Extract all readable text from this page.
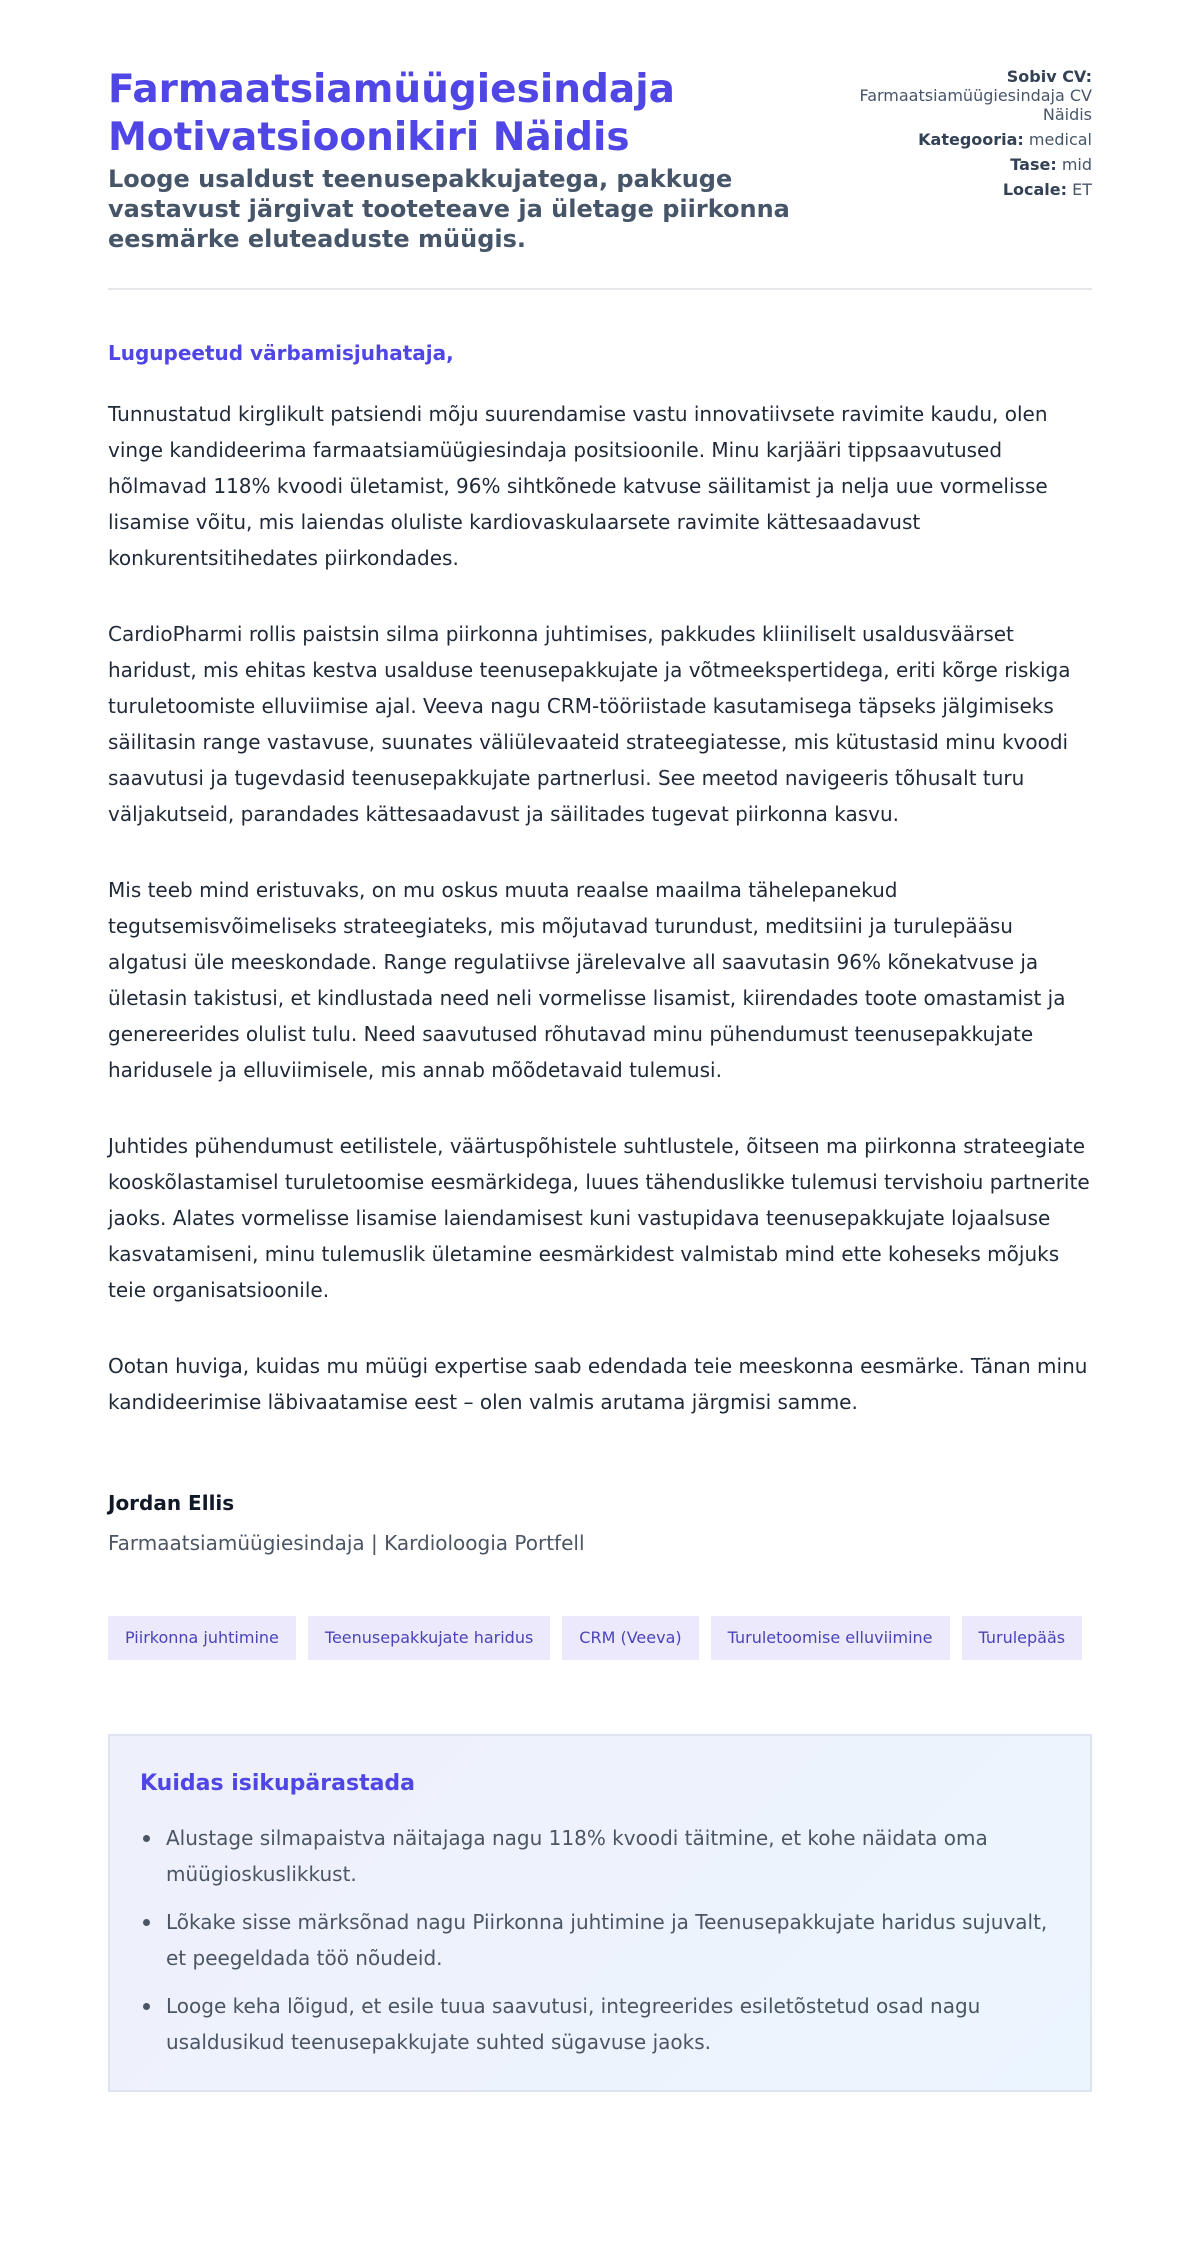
Farmaatsiamüügiesindaja
Motivatsioonikiri Näidis
Looge usaldust teenusepakkujatega, pakkuge vastavust järgivat tooteteave ja ületage piirkonna eesmärke eluteaduste müügis.
Sobiv CV:
Farmaatsiamüügiesindaja CV Näidis
Kategooria: medical
Tase: mid
Locale: ET
Lugupeetud värbamisjuhataja,

Tunnustatud kirglikult patsiendi mõju suurendamise vastu innovatiivsete ravimite kaudu, olen vinge kandideerima farmaatsiamüügiesindaja positsioonile. Minu karjääri tippsaavutused hõlmavad 118% kvoodi ületamist, 96% sihtkõnede katvuse säilitamist ja nelja uue vormelisse lisamise võitu, mis laiendas oluliste kardiovaskulaarsete ravimite kättesaadavust konkurentsitihedates piirkondades.

CardioPharmi rollis paistsin silma piirkonna juhtimises, pakkudes kliiniliselt usaldusväärset haridust, mis ehitas kestva usalduse teenusepakkujate ja võtmeekspertidega, eriti kõrge riskiga turuletoomiste elluviimise ajal. Veeva nagu CRM-tööriistade kasutamisega täpseks jälgimiseks säilitasin range vastavuse, suunates väliülevaateid strateegiatesse, mis kütustasid minu kvoodi saavutusi ja tugevdasid teenusepakkujate partnerlusi. See meetod navigeeris tõhusalt turu väljakutseid, parandades kättesaadavust ja säilitades tugevat piirkonna kasvu.

Mis teeb mind eristuvaks, on mu oskus muuta reaalse maailma tähelepanekud tegutsemisvõimeliseks strateegiateks, mis mõjutavad turundust, meditsiini ja turulepääsu algatusi üle meeskondade. Range regulatiivse järelevalve all saavutasin 96% kõnekatvuse ja ületasin takistusi, et kindlustada need neli vormelisse lisamist, kiirendades toote omastamist ja genereerides olulist tulu. Need saavutused rõhutavad minu pühendumust teenusepakkujate haridusele ja elluviimisele, mis annab mõõdetavaid tulemusi.

Juhtides pühendumust eetilistele, väärtuspõhistele suhtlustele, õitseen ma piirkonna strateegiate kooskõlastamisel turuletoomise eesmärkidega, luues tähenduslikke tulemusi tervishoiu partnerite jaoks. Alates vormelisse lisamise laiendamisest kuni vastupidava teenusepakkujate lojaalsuse kasvatamiseni, minu tulemuslik ületamine eesmärkidest valmistab mind ette koheseks mõjuks teie organisatsioonile.

Ootan huviga, kuidas mu müügi expertise saab edendada teie meeskonna eesmärke. Tänan minu kandideerimise läbivaatamise eest – olen valmis arutama järgmisi samme.

Jordan Ellis
Farmaatsiamüügiesindaja | Kardioloogia Portfell
Piirkonna juhtimine	Teenusepakkujate haridus	CRM (Veeva)	Turuletoomise elluviimine	Turulepääs
Kuidas isikupärastada
Alustage silmapaistva näitajaga nagu 118% kvoodi täitmine, et kohe näidata oma müügioskuslikkust.
Lõkake sisse märksõnad nagu Piirkonna juhtimine ja Teenusepakkujate haridus sujuvalt, et peegeldada töö nõudeid.
Looge keha lõigud, et esile tuua saavutusi, integreerides esiletõstetud osad nagu usaldusikud teenusepakkujate suhted sügavuse jaoks.
